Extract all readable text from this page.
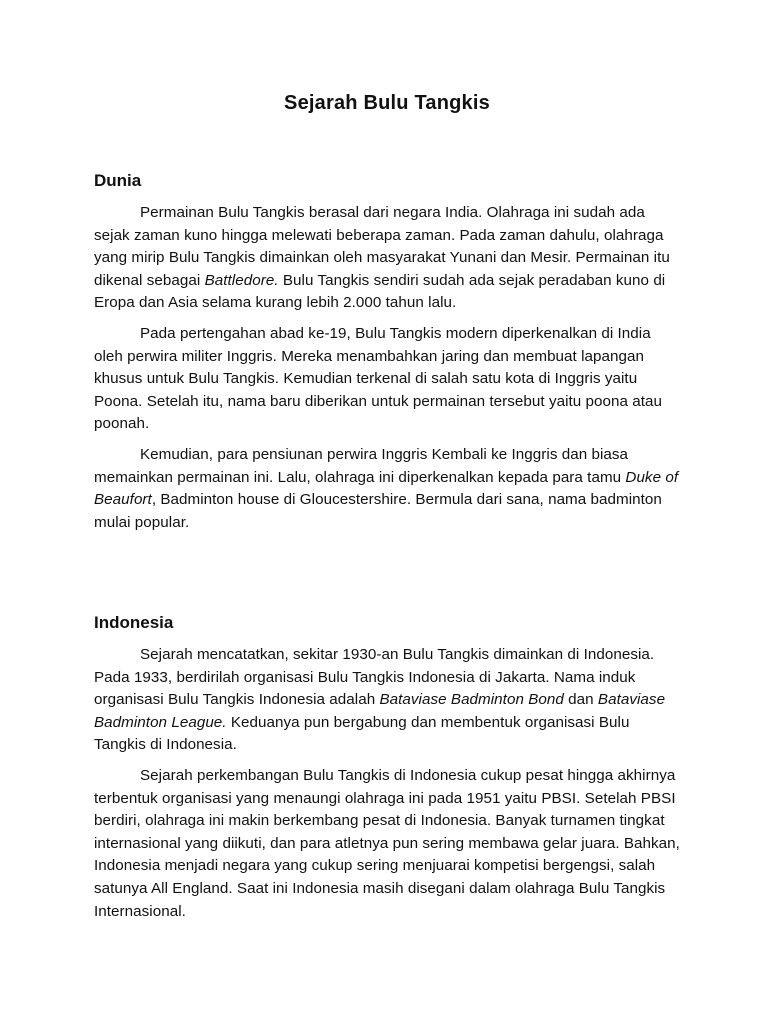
Sejarah Bulu Tangkis
Dunia

Permainan Bulu Tangkis berasal dari negara India. Olahraga ini sudah ada sejak zaman kuno hingga melewati beberapa zaman. Pada zaman dahulu, olahraga yang mirip Bulu Tangkis dimainkan oleh masyarakat Yunani dan Mesir. Permainan itu dikenal sebagai Battledore. Bulu Tangkis sendiri sudah ada sejak peradaban kuno di Eropa dan Asia selama kurang lebih 2.000 tahun lalu.

Pada pertengahan abad ke-19, Bulu Tangkis modern diperkenalkan di India oleh perwira militer Inggris. Mereka menambahkan jaring dan membuat lapangan khusus untuk Bulu Tangkis. Kemudian terkenal di salah satu kota di Inggris yaitu Poona. Setelah itu, nama baru diberikan untuk permainan tersebut yaitu poona atau poonah.

Kemudian, para pensiunan perwira Inggris Kembali ke Inggris dan biasa memainkan permainan ini. Lalu, olahraga ini diperkenalkan kepada para tamu Duke of Beaufort, Badminton house di Gloucestershire. Bermula dari sana, nama badminton mulai popular.

Indonesia

Sejarah mencatatkan, sekitar 1930-an Bulu Tangkis dimainkan di Indonesia. Pada 1933, berdirilah organisasi Bulu Tangkis Indonesia di Jakarta. Nama induk organisasi Bulu Tangkis Indonesia adalah Bataviase Badminton Bond dan Bataviase Badminton League. Keduanya pun bergabung dan membentuk organisasi Bulu Tangkis di Indonesia.

Sejarah perkembangan Bulu Tangkis di Indonesia cukup pesat hingga akhirnya terbentuk organisasi yang menaungi olahraga ini pada 1951 yaitu PBSI. Setelah PBSI berdiri, olahraga ini makin berkembang pesat di Indonesia. Banyak turnamen tingkat internasional yang diikuti, dan para atletnya pun sering membawa gelar juara. Bahkan, Indonesia menjadi negara yang cukup sering menjuarai kompetisi bergengsi, salah satunya All England. Saat ini Indonesia masih disegani dalam olahraga Bulu Tangkis Internasional.
